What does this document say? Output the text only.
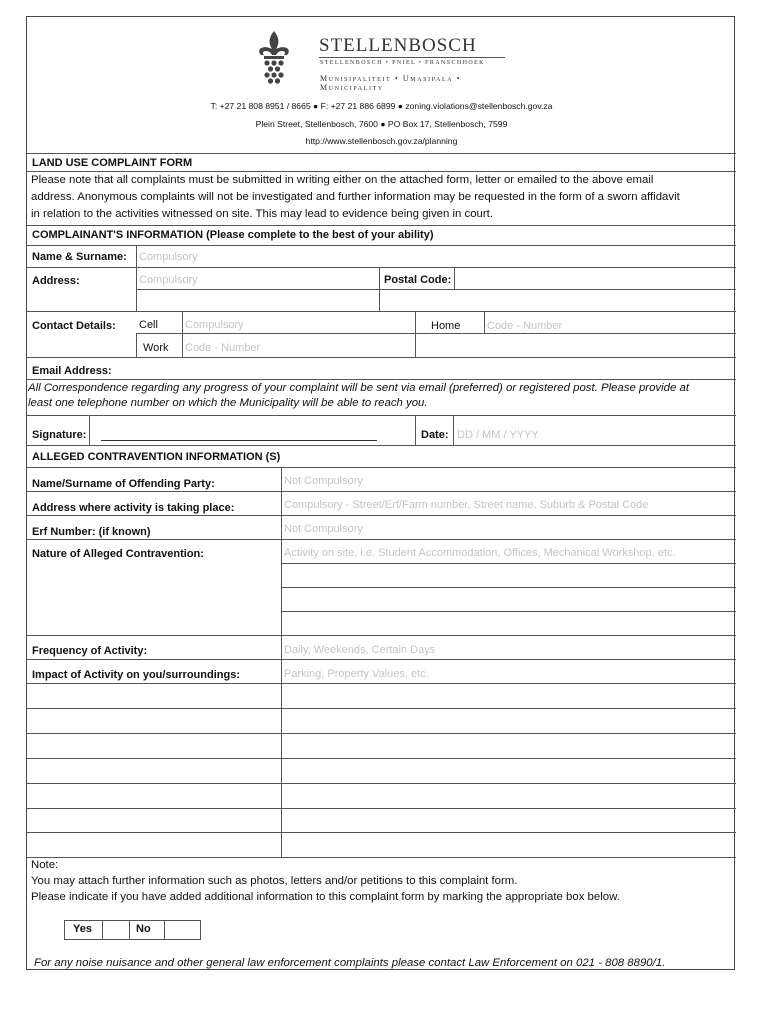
STELLENBOSCH
STELLENBOSCH • PNIEL • FRANSCHHOEK
Munisipaliteit • Umasipala • Municipality
T: +27 21 808 8951 / 8665 ● F: +27 21 886 6899 ● zoning.violations@stellenbosch.gov.za
Plein Street, Stellenbosch, 7600 ● PO Box 17, Stellenbosch, 7599
http://www.stellenbosch.gov.za/planning
LAND USE COMPLAINT FORM
Please note that all complaints must be submitted in writing either on the attached form, letter or emailed to the above email
address. Anonymous complaints will not be investigated and further information may be requested in the form of a sworn affidavit
in relation to the activities witnessed on site. This may lead to evidence being given in court.
COMPLAINANT'S INFORMATION (Please complete to the best of your ability)
Name & Surname: Compulsory
Address:	Compulsory	Postal Code:
Contact Details: Cell Compulsory	Home Code - Number
Work Code - Number
Email Address:
All Correspondence regarding any progress of your complaint will be sent via email (preferred) or registered post. Please provide at
least one telephone number on which the Municipality will be able to reach you.
Signature:	Date: DD / MM / YYYY
ALLEGED CONTRAVENTION INFORMATION (S)
Name/Surname of Offending Party:	Not Compulsory
Address where activity is taking place:	Compulsory - Street/Erf/Farm number, Street name, Suburb & Postal Code
Erf Number: (if known)	Not Compulsory
Nature of Alleged Contravention:	Activity on site, i.e. Student Accommodation, Offices, Mechanical Workshop, etc.
Frequency of Activity:	Daily, Weekends, Certain Days
Impact of Activity on you/surroundings:	Parking, Property Values, etc.
Note:
You may attach further information such as photos, letters and/or petitions to this complaint form.
Please indicate if you have added additional information to this complaint form by marking the appropriate box below.
Yes	No
For any noise nuisance and other general law enforcement complaints please contact Law Enforcement on 021 - 808 8890/1.
